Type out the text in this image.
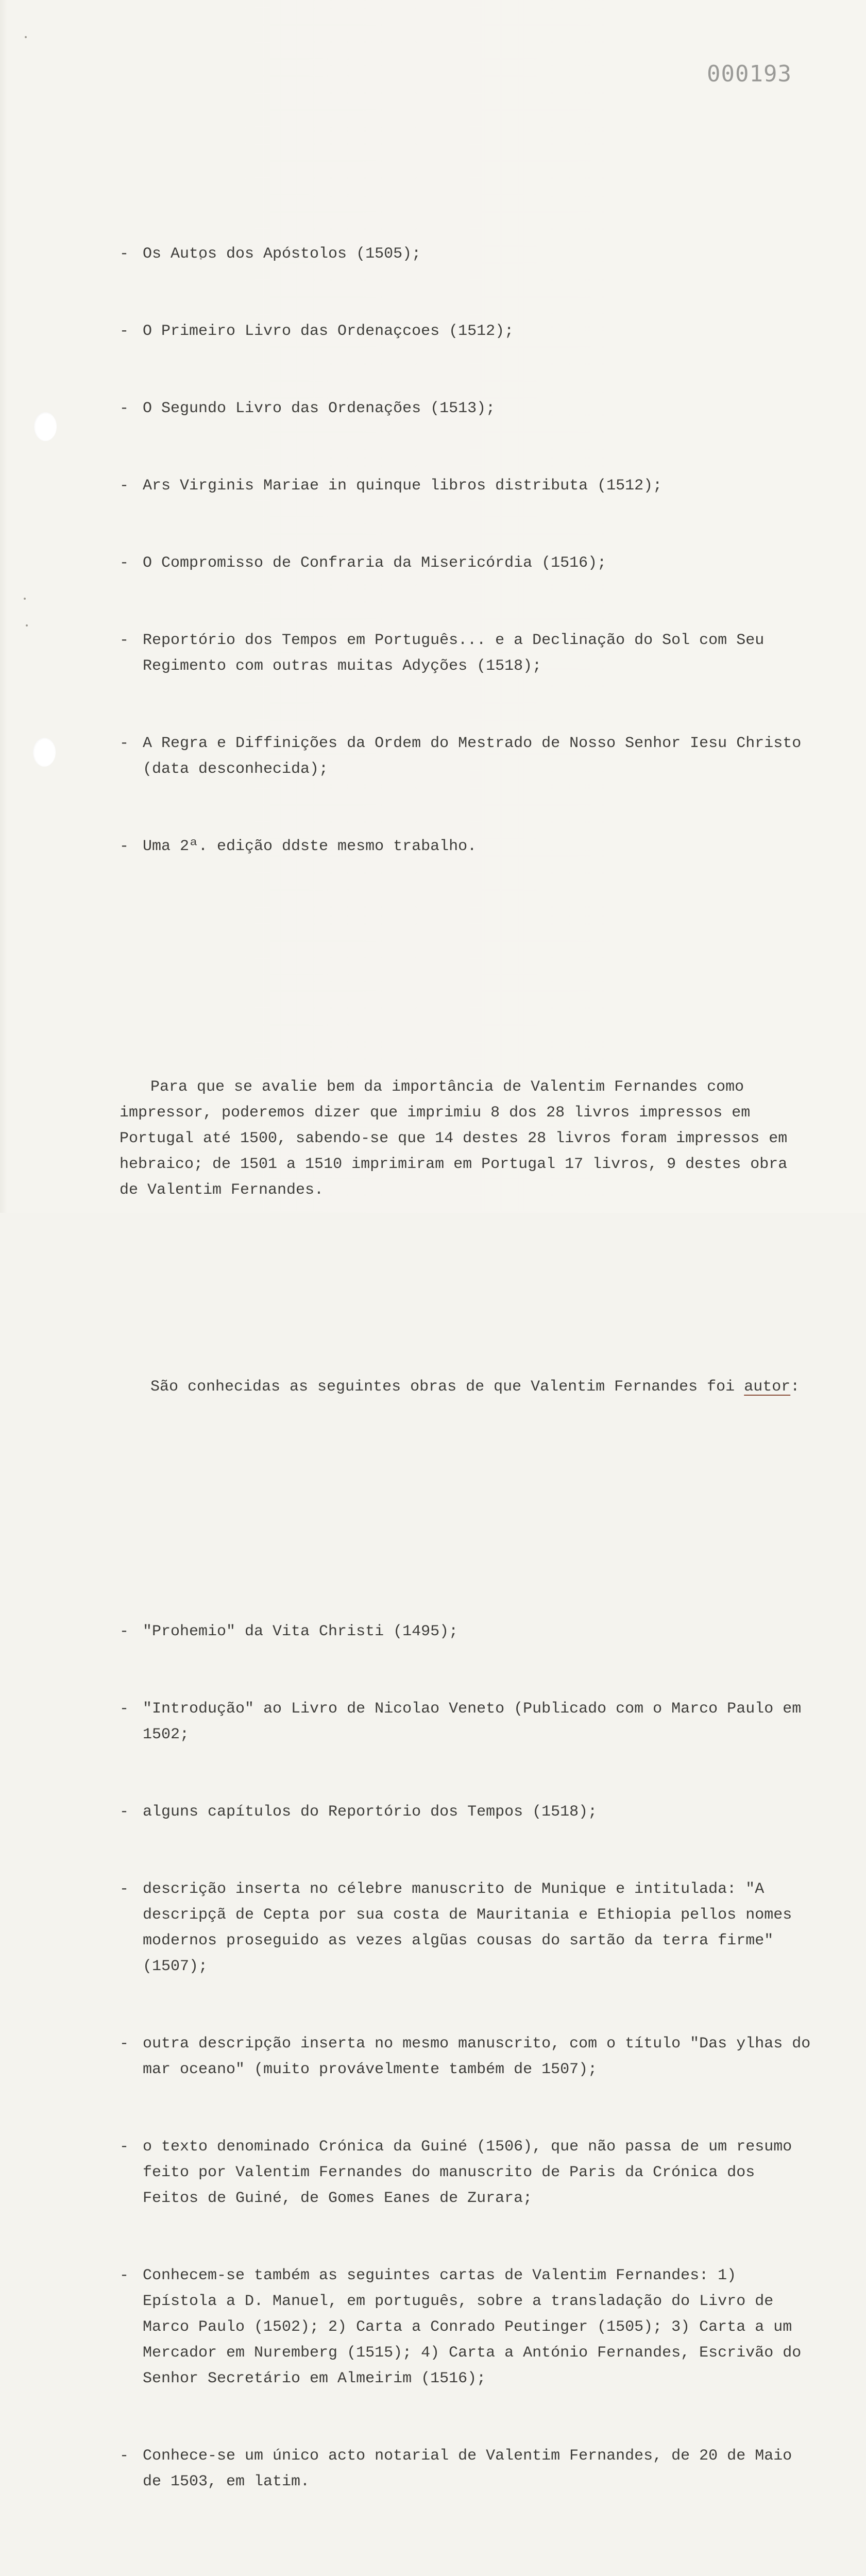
000193

- Os Autos dos Apóstolos (1505);

- O Primeiro Livro das Ordenaçcoes (1512);

- O Segundo Livro das Ordenações (1513);

- Ars Virginis Mariae in quinque libros distributa (1512);

- O Compromisso de Confraria da Misericórdia (1516);

- Reportório dos Tempos em Português... e a Declinação do Sol com Seu Regimento com outras muitas Adyções (1518);

- A Regra e Diffinições da Ordem do Mestrado de Nosso Senhor Iesu Christo (data desconhecida);

- Uma 2ª. edição ddste mesmo trabalho.

Para que se avalie bem da importância de Valentim Fernandes como impressor, poderemos dizer que imprimiu 8 dos 28 livros impressos em Portugal até 1500, sabendo-se que 14 destes 28 livros foram impressos em hebraico; de 1501 a 1510 imprimiram em Portugal 17 livros, 9 destes obra de Valentim Fernandes.

São conhecidas as seguintes obras de que Valentim Fernandes foi autor:

- "Prohemio" da Vita Christi (1495);

- "Introdução" ao Livro de Nicolao Veneto (Publicado com o Marco Paulo em 1502;

- alguns capítulos do Reportório dos Tempos (1518);

- descrição inserta no célebre manuscrito de Munique e intitulada: "A descripçã de Cepta por sua costa de Mauritania e Ethiopia pellos nomes modernos proseguido as vezes algũas cousas do sartão da terra firme" (1507);

- outra descripção inserta no mesmo manuscrito, com o título "Das ylhas do mar oceano" (muito provávelmente também de 1507);

- o texto denominado Crónica da Guiné (1506), que não passa de um resumo feito por Valentim Fernandes do manuscrito de Paris da Crónica dos Feitos de Guiné, de Gomes Eanes de Zurara;

- Conhecem-se também as seguintes cartas de Valentim Fernandes: 1) Epístola a D. Manuel, em português, sobre a transladação do Livro de Marco Paulo (1502); 2) Carta a Conrado Peutinger (1505); 3) Carta a um Mercador em Nuremberg (1515); 4) Carta a António Fernandes, Escrivão do Senhor Secretário em Almeirim (1516);

- Conhece-se um único acto notarial de Valentim Fernandes, de 20 de Maio de 1503, em latim.
